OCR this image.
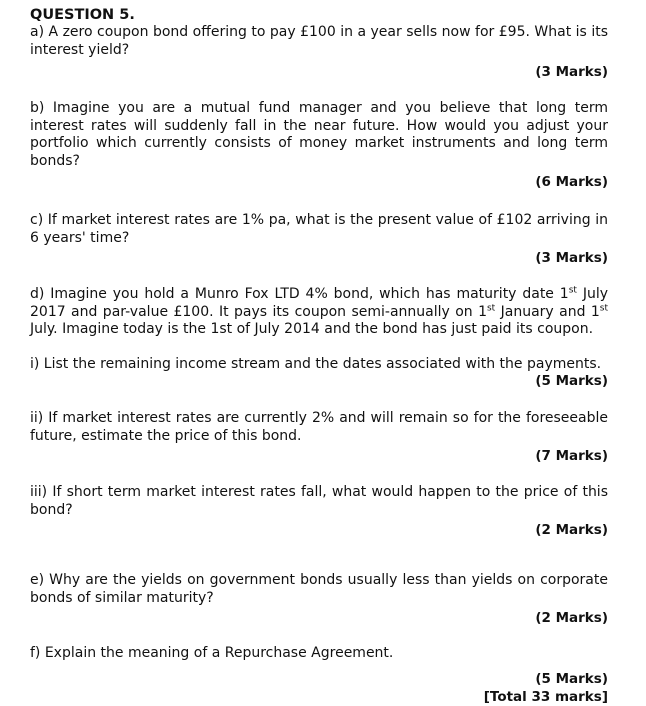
QUESTION 5.

a) A zero coupon bond offering to pay £100 in a year sells now for £95. What is its interest yield?

(3 Marks)

b) Imagine you are a mutual fund manager and you believe that long term interest rates will suddenly fall in the near future. How would you adjust your portfolio which currently consists of money market instruments and long term bonds?

(6 Marks)

c) If market interest rates are 1% pa, what is the present value of £102 arriving in 6 years' time?

(3 Marks)

d) Imagine you hold a Munro Fox LTD 4% bond, which has maturity date 1st July 2017 and par-value £100. It pays its coupon semi-annually on 1st January and 1st July. Imagine today is the 1st of July 2014 and the bond has just paid its coupon.

i) List the remaining income stream and the dates associated with the payments.

(5 Marks)

ii) If market interest rates are currently 2% and will remain so for the foreseeable future, estimate the price of this bond.

(7 Marks)

iii) If short term market interest rates fall, what would happen to the price of this bond?

(2 Marks)

e) Why are the yields on government bonds usually less than yields on corporate bonds of similar maturity?

(2 Marks)

f) Explain the meaning of a Repurchase Agreement.

(5 Marks)

[Total 33 marks]
